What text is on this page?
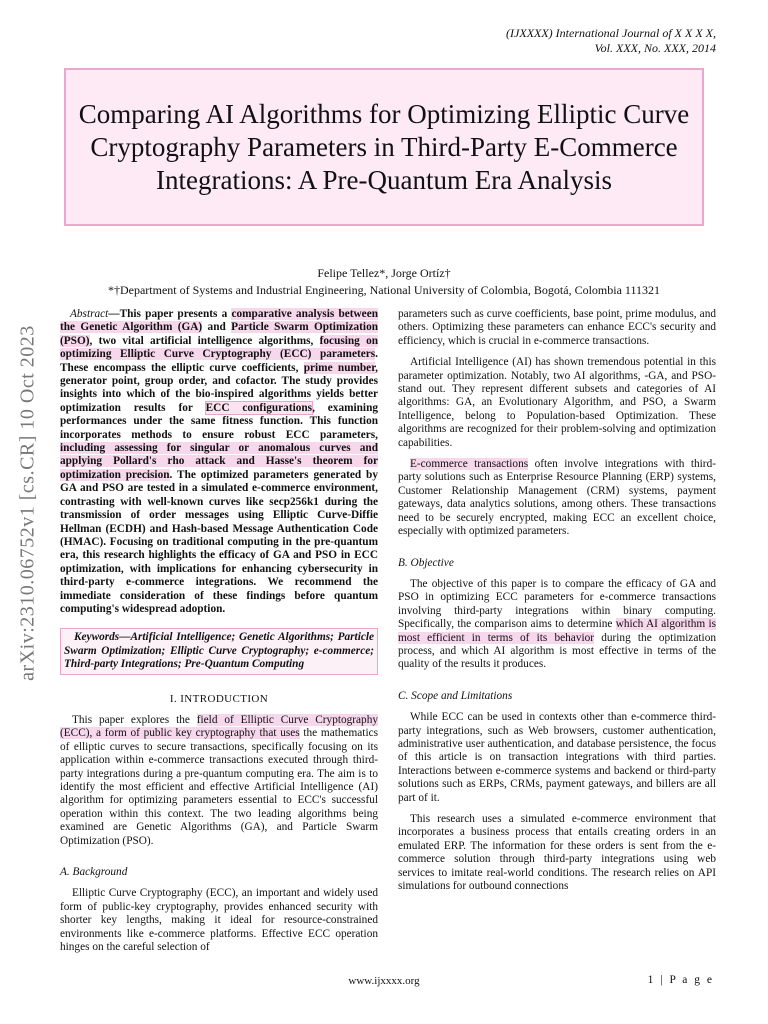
(IJXXXX) International Journal of X X X X,
Vol. XXX, No. XXX, 2014
Comparing AI Algorithms for Optimizing Elliptic Curve Cryptography Parameters in Third-Party E-Commerce Integrations: A Pre-Quantum Era Analysis
arXiv:2310.06752v1 [cs.CR] 10 Oct 2023
Felipe Tellez*, Jorge Ortíz†
*†Department of Systems and Industrial Engineering, National University of Colombia, Bogotá, Colombia 111321

Abstract—This paper presents a comparative analysis between the Genetic Algorithm (GA) and Particle Swarm Optimization (PSO), two vital artificial intelligence algorithms, focusing on optimizing Elliptic Curve Cryptography (ECC) parameters. These encompass the elliptic curve coefficients, prime number, generator point, group order, and cofactor. The study provides insights into which of the bio-inspired algorithms yields better optimization results for ECC configurations, examining performances under the same fitness function. This function incorporates methods to ensure robust ECC parameters, including assessing for singular or anomalous curves and applying Pollard's rho attack and Hasse's theorem for optimization precision. The optimized parameters generated by GA and PSO are tested in a simulated e-commerce environment, contrasting with well-known curves like secp256k1 during the transmission of order messages using Elliptic Curve-Diffie Hellman (ECDH) and Hash-based Message Authentication Code (HMAC). Focusing on traditional computing in the pre-quantum era, this research highlights the efficacy of GA and PSO in ECC optimization, with implications for enhancing cybersecurity in third-party e-commerce integrations. We recommend the immediate consideration of these findings before quantum computing's widespread adoption.

Keywords—Artificial Intelligence; Genetic Algorithms; Particle Swarm Optimization; Elliptic Curve Cryptography; e-commerce; Third-party Integrations; Pre-Quantum Computing

I. INTRODUCTION

This paper explores the field of Elliptic Curve Cryptography (ECC), a form of public key cryptography that uses the mathematics of elliptic curves to secure transactions, specifically focusing on its application within e-commerce transactions executed through third-party integrations during a pre-quantum computing era. The aim is to identify the most efficient and effective Artificial Intelligence (AI) algorithm for optimizing parameters essential to ECC's successful operation within this context. The two leading algorithms being examined are Genetic Algorithms (GA), and Particle Swarm Optimization (PSO).

A. Background

Elliptic Curve Cryptography (ECC), an important and widely used form of public-key cryptography, provides enhanced security with shorter key lengths, making it ideal for resource-constrained environments like e-commerce platforms. Effective ECC operation hinges on the careful selection of

parameters such as curve coefficients, base point, prime modulus, and others. Optimizing these parameters can enhance ECC's security and efficiency, which is crucial in e-commerce transactions.

Artificial Intelligence (AI) has shown tremendous potential in this parameter optimization. Notably, two AI algorithms, -GA, and PSO- stand out. They represent different subsets and categories of AI algorithms: GA, an Evolutionary Algorithm, and PSO, a Swarm Intelligence, belong to Population-based Optimization. These algorithms are recognized for their problem-solving and optimization capabilities.

E-commerce transactions often involve integrations with third-party solutions such as Enterprise Resource Planning (ERP) systems, Customer Relationship Management (CRM) systems, payment gateways, data analytics solutions, among others. These transactions need to be securely encrypted, making ECC an excellent choice, especially with optimized parameters.

B. Objective

The objective of this paper is to compare the efficacy of GA and PSO in optimizing ECC parameters for e-commerce transactions involving third-party integrations within binary computing. Specifically, the comparison aims to determine which AI algorithm is most efficient in terms of its behavior during the optimization process, and which AI algorithm is most effective in terms of the quality of the results it produces.

C. Scope and Limitations

While ECC can be used in contexts other than e-commerce third-party integrations, such as Web browsers, customer authentication, administrative user authentication, and database persistence, the focus of this article is on transaction integrations with third parties. Interactions between e-commerce systems and backend or third-party solutions such as ERPs, CRMs, payment gateways, and billers are all part of it.

This research uses a simulated e-commerce environment that incorporates a business process that entails creating orders in an emulated ERP. The information for these orders is sent from the e-commerce solution through third-party integrations using web services to imitate real-world conditions. The research relies on API simulations for outbound connections

www.ijxxxx.org	1 | P a g e
